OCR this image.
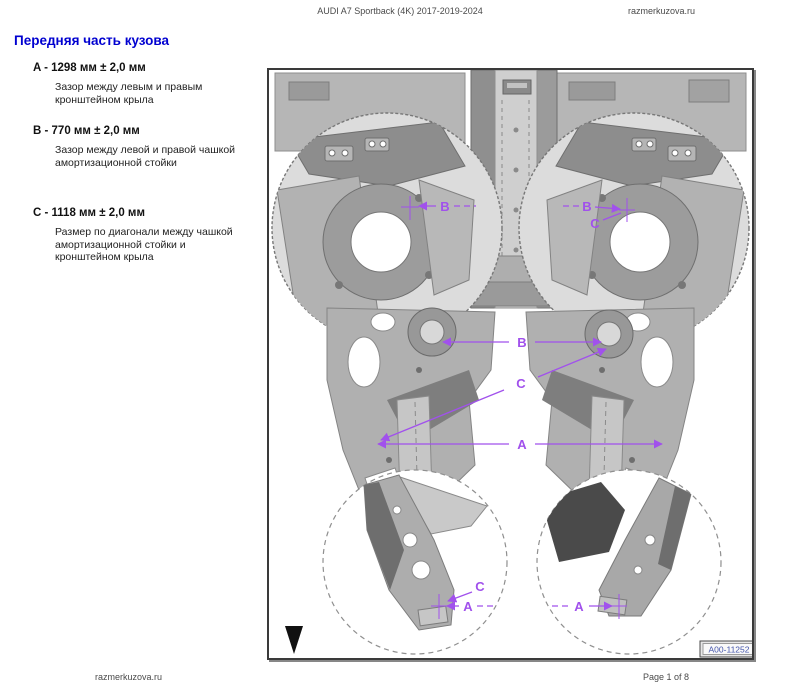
AUDI A7 Sportback (4K) 2017-2019-2024	razmerkuzova.ru
Передняя часть кузова
A - 1298 мм ± 2,0 мм
Зазор между левым и правым кронштейном крыла
B - 770 мм ± 2,0 мм
Зазор между левой и правой чашкой амортизационной стойки
C - 1118 мм ± 2,0 мм
Размер по диагонали между чашкой амортизационной стойки и кронштейном крыла
B	B
C
B
C
A
C
A	A
A00-11252
razmerkuzova.ru	Page 1 of 8
